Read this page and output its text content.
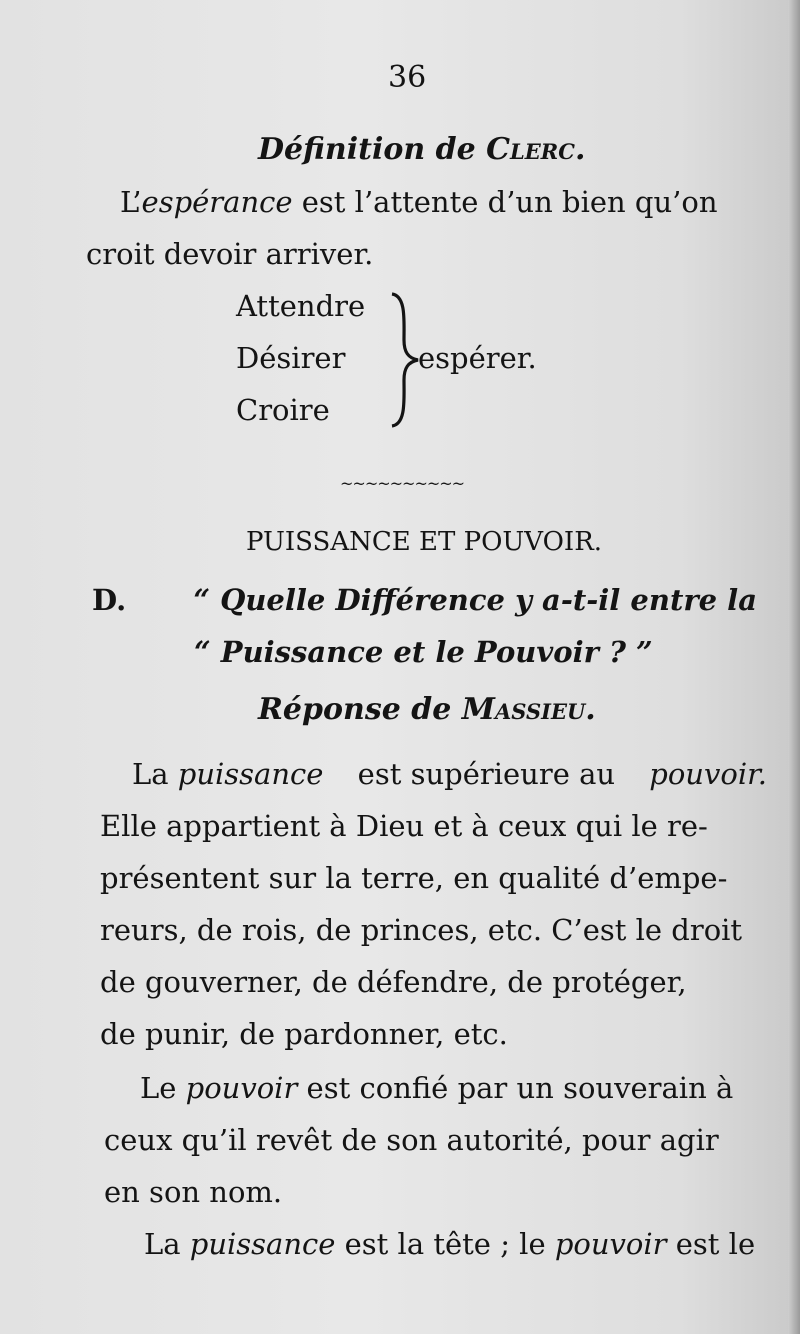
36
Définition de Clerc.
L’espérance est l’attente d’un bien qu’on
croit devoir arriver.
Attendre
Désirer
Croire
espérer.
~~~~~~~~~~
PUISSANCE ET POUVOIR.
D. “ Quelle Différence y a-t-il entre la
“ Puissance et le Pouvoir ? ”
Réponse de Massieu.
La puissance est supérieure au pouvoir.
Elle appartient à Dieu et à ceux qui le re-
présentent sur la terre, en qualité d’empe-
reurs, de rois, de princes, etc. C’est le droit
de gouverner, de défendre, de protéger,
de punir, de pardonner, etc.
Le pouvoir est confié par un souverain à
ceux qu’il revêt de son autorité, pour agir
en son nom.
La puissance est la tête ; le pouvoir est le
